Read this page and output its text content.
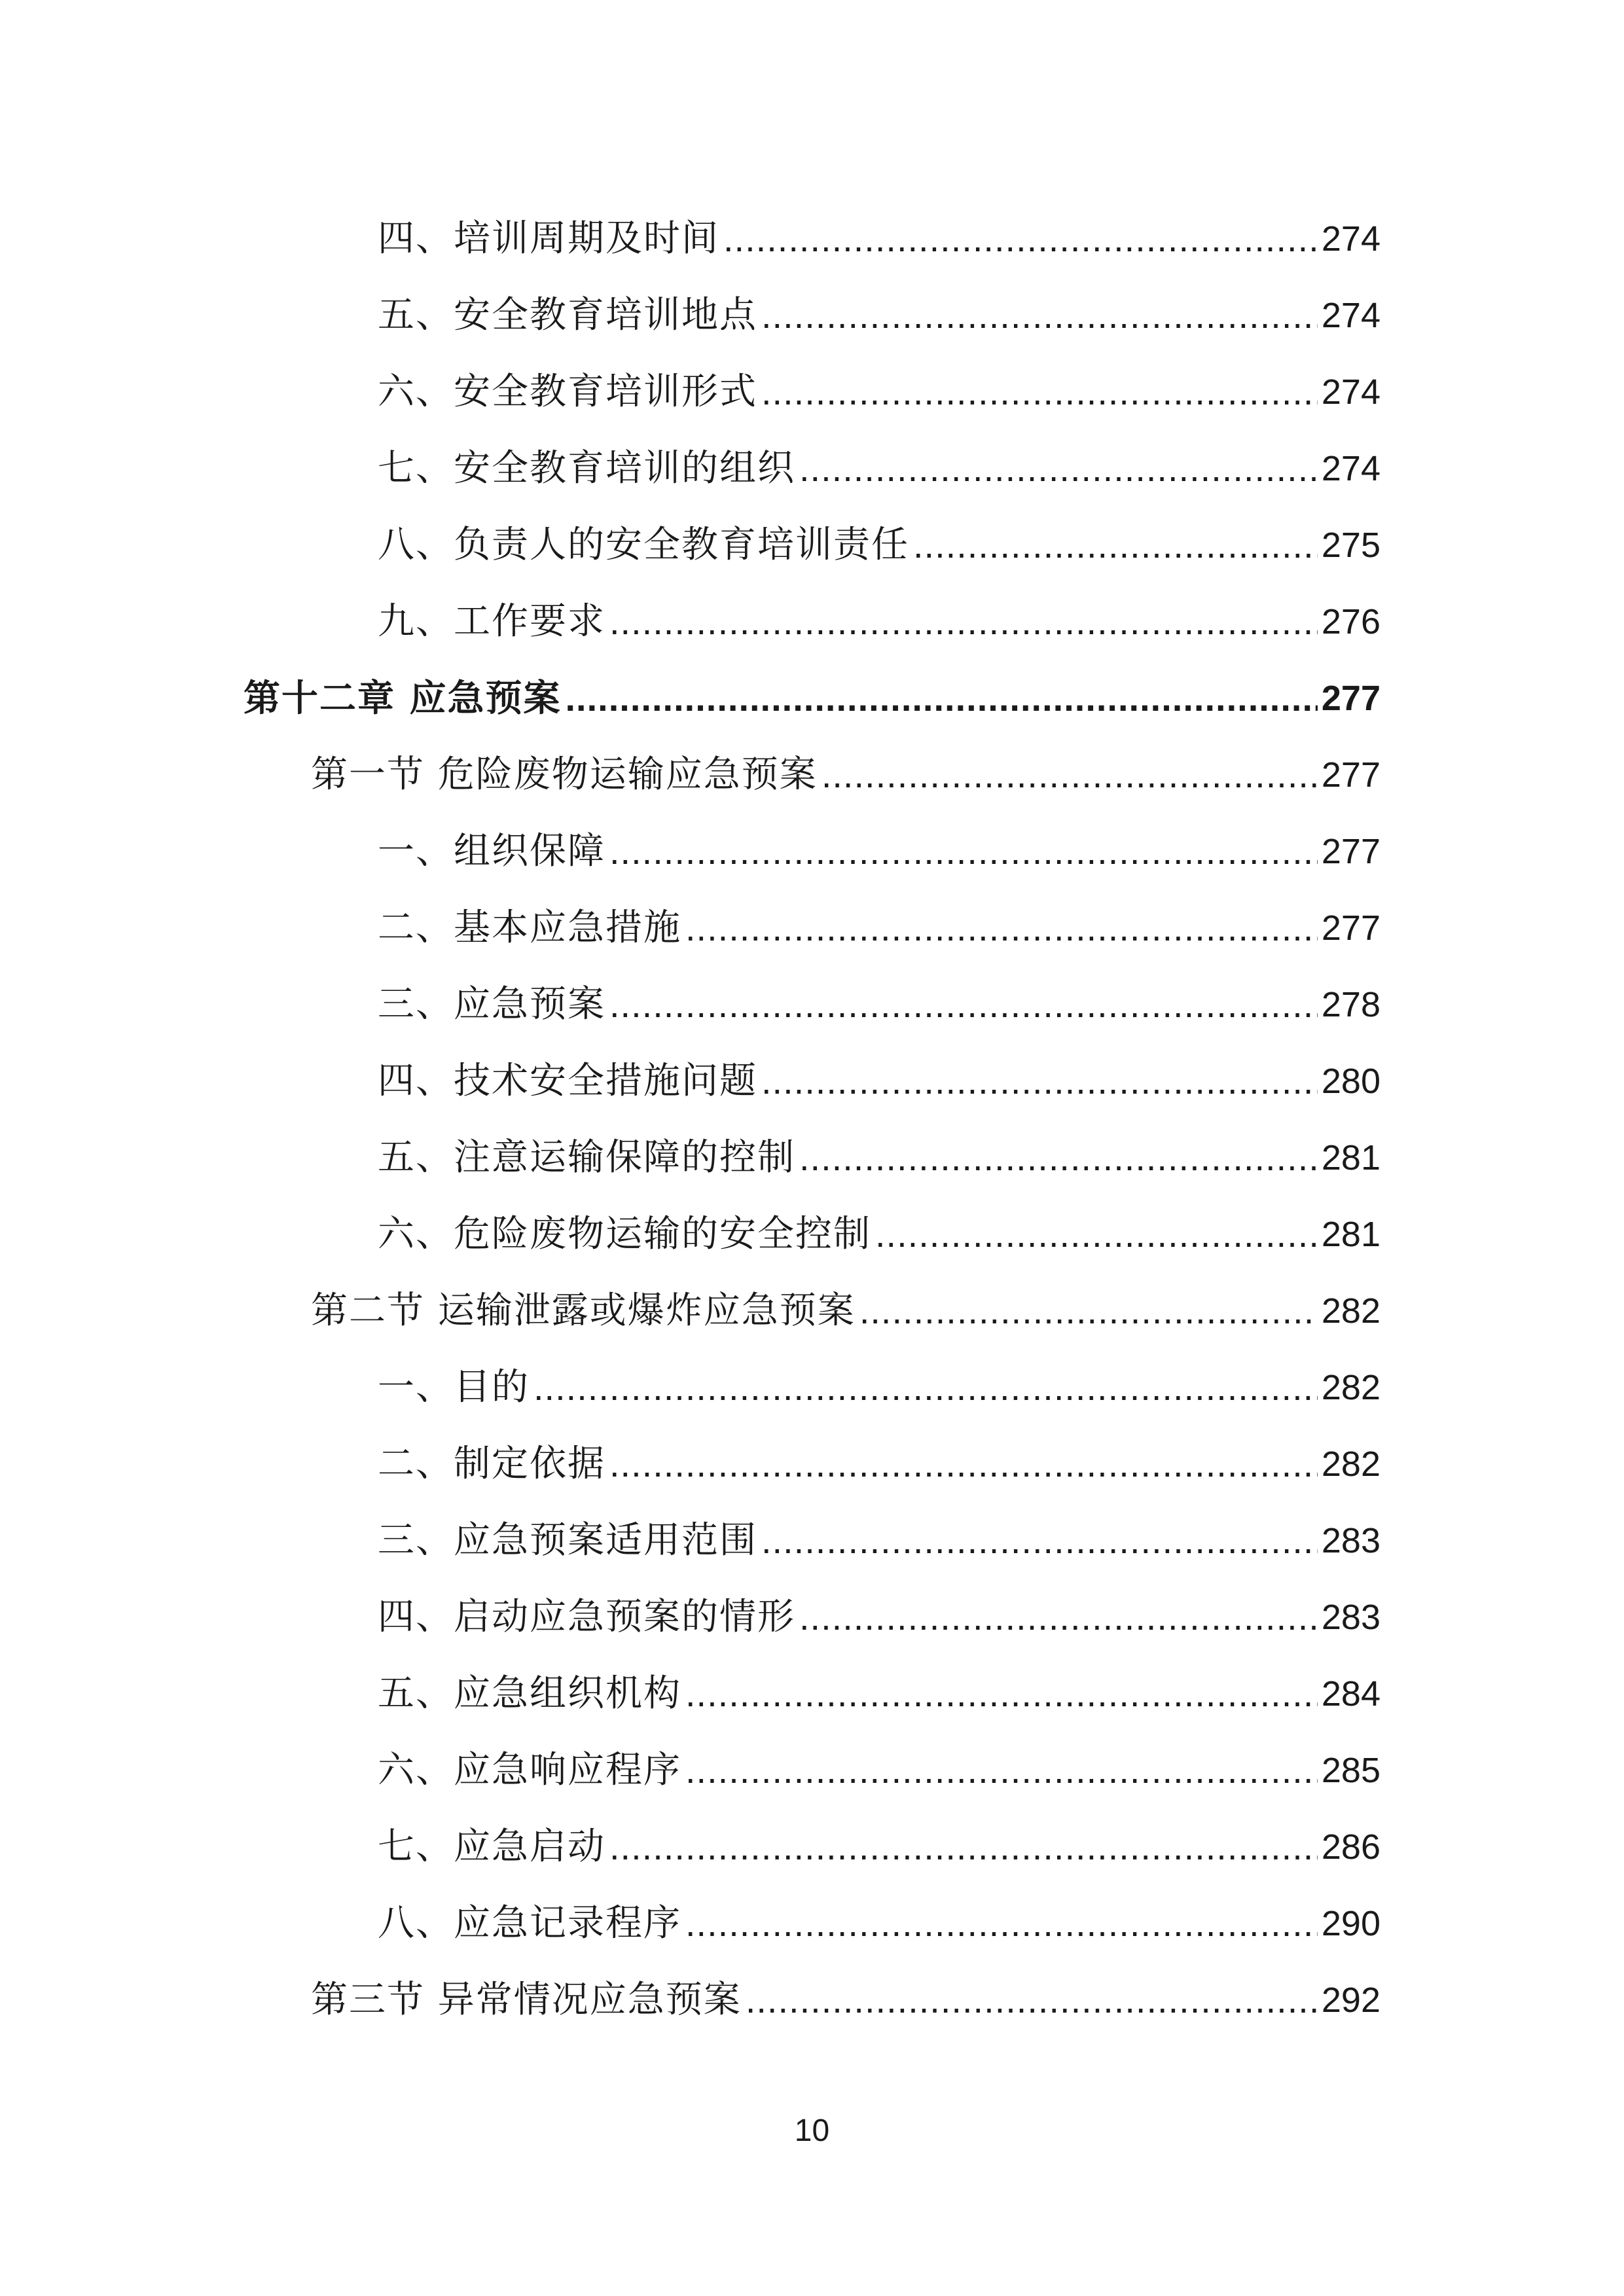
四、培训周期及时间 .....	274
五、安全教育培训地点 .....	274
六、安全教育培训形式 .....	274
七、安全教育培训的组织 .....	274
八、负责人的安全教育培训责任 .....	275
九、工作要求 .....	276
第十二章 应急预案 .....	277
第一节 危险废物运输应急预案 .....	277
一、组织保障 .....	277
二、基本应急措施 .....	277
三、应急预案 .....	278
四、技术安全措施问题 .....	280
五、注意运输保障的控制 .....	281
六、危险废物运输的安全控制 .....	281
第二节 运输泄露或爆炸应急预案 .....	282
一、目的 .....	282
二、制定依据 .....	282
三、应急预案适用范围 .....	283
四、启动应急预案的情形 .....	283
五、应急组织机构 .....	284
六、应急响应程序 .....	285
七、应急启动 .....	286
八、应急记录程序 .....	290
第三节 异常情况应急预案 .....	292
10
